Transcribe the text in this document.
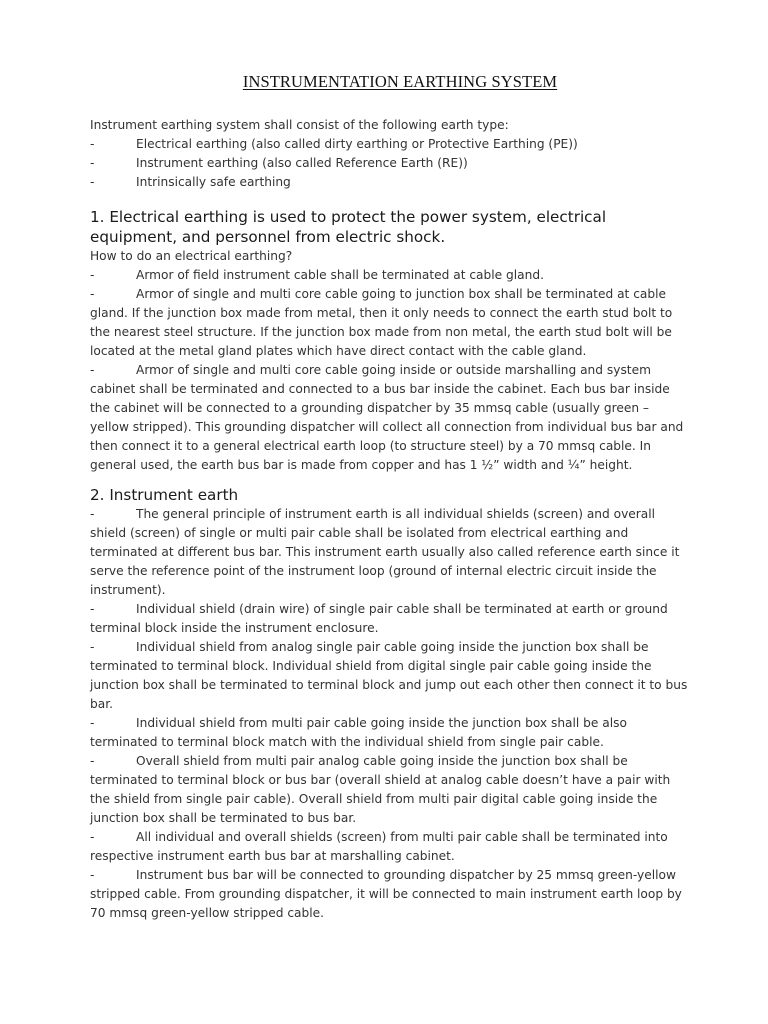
INSTRUMENTATION EARTHING SYSTEM

Instrument earthing system shall consist of the following earth type:

-	Electrical earthing (also called dirty earthing or Protective Earthing (PE))
-	Instrument earthing (also called Reference Earth (RE))
-	Intrinsically safe earthing

1. Electrical earthing is used to protect the power system, electrical

equipment, and personnel from electric shock.

How to do an electrical earthing?

-	Armor of field instrument cable shall be terminated at cable gland.

-	Armor of single and multi core cable going to junction box shall be terminated at cable

gland. If the junction box made from metal, then it only needs to connect the earth stud bolt to

the nearest steel structure. If the junction box made from non metal, the earth stud bolt will be

located at the metal gland plates which have direct contact with the cable gland.

-	Armor of single and multi core cable going inside or outside marshalling and system

cabinet shall be terminated and connected to a bus bar inside the cabinet. Each bus bar inside

the cabinet will be connected to a grounding dispatcher by 35 mmsq cable (usually green –

yellow stripped). This grounding dispatcher will collect all connection from individual bus bar and

then connect it to a general electrical earth loop (to structure steel) by a 70 mmsq cable. In

general used, the earth bus bar is made from copper and has 1 ½” width and ¼” height.

2. Instrument earth

-	The general principle of instrument earth is all individual shields (screen) and overall

shield (screen) of single or multi pair cable shall be isolated from electrical earthing and

terminated at different bus bar. This instrument earth usually also called reference earth since it

serve the reference point of the instrument loop (ground of internal electric circuit inside the

instrument).

-	Individual shield (drain wire) of single pair cable shall be terminated at earth or ground

terminal block inside the instrument enclosure.

-	Individual shield from analog single pair cable going inside the junction box shall be

terminated to terminal block. Individual shield from digital single pair cable going inside the

junction box shall be terminated to terminal block and jump out each other then connect it to bus

bar.

-	Individual shield from multi pair cable going inside the junction box shall be also

terminated to terminal block match with the individual shield from single pair cable.

-	Overall shield from multi pair analog cable going inside the junction box shall be

terminated to terminal block or bus bar (overall shield at analog cable doesn’t have a pair with

the shield from single pair cable). Overall shield from multi pair digital cable going inside the

junction box shall be terminated to bus bar.

-	All individual and overall shields (screen) from multi pair cable shall be terminated into

respective instrument earth bus bar at marshalling cabinet.

-	Instrument bus bar will be connected to grounding dispatcher by 25 mmsq green-yellow

stripped cable. From grounding dispatcher, it will be connected to main instrument earth loop by

70 mmsq green-yellow stripped cable.
